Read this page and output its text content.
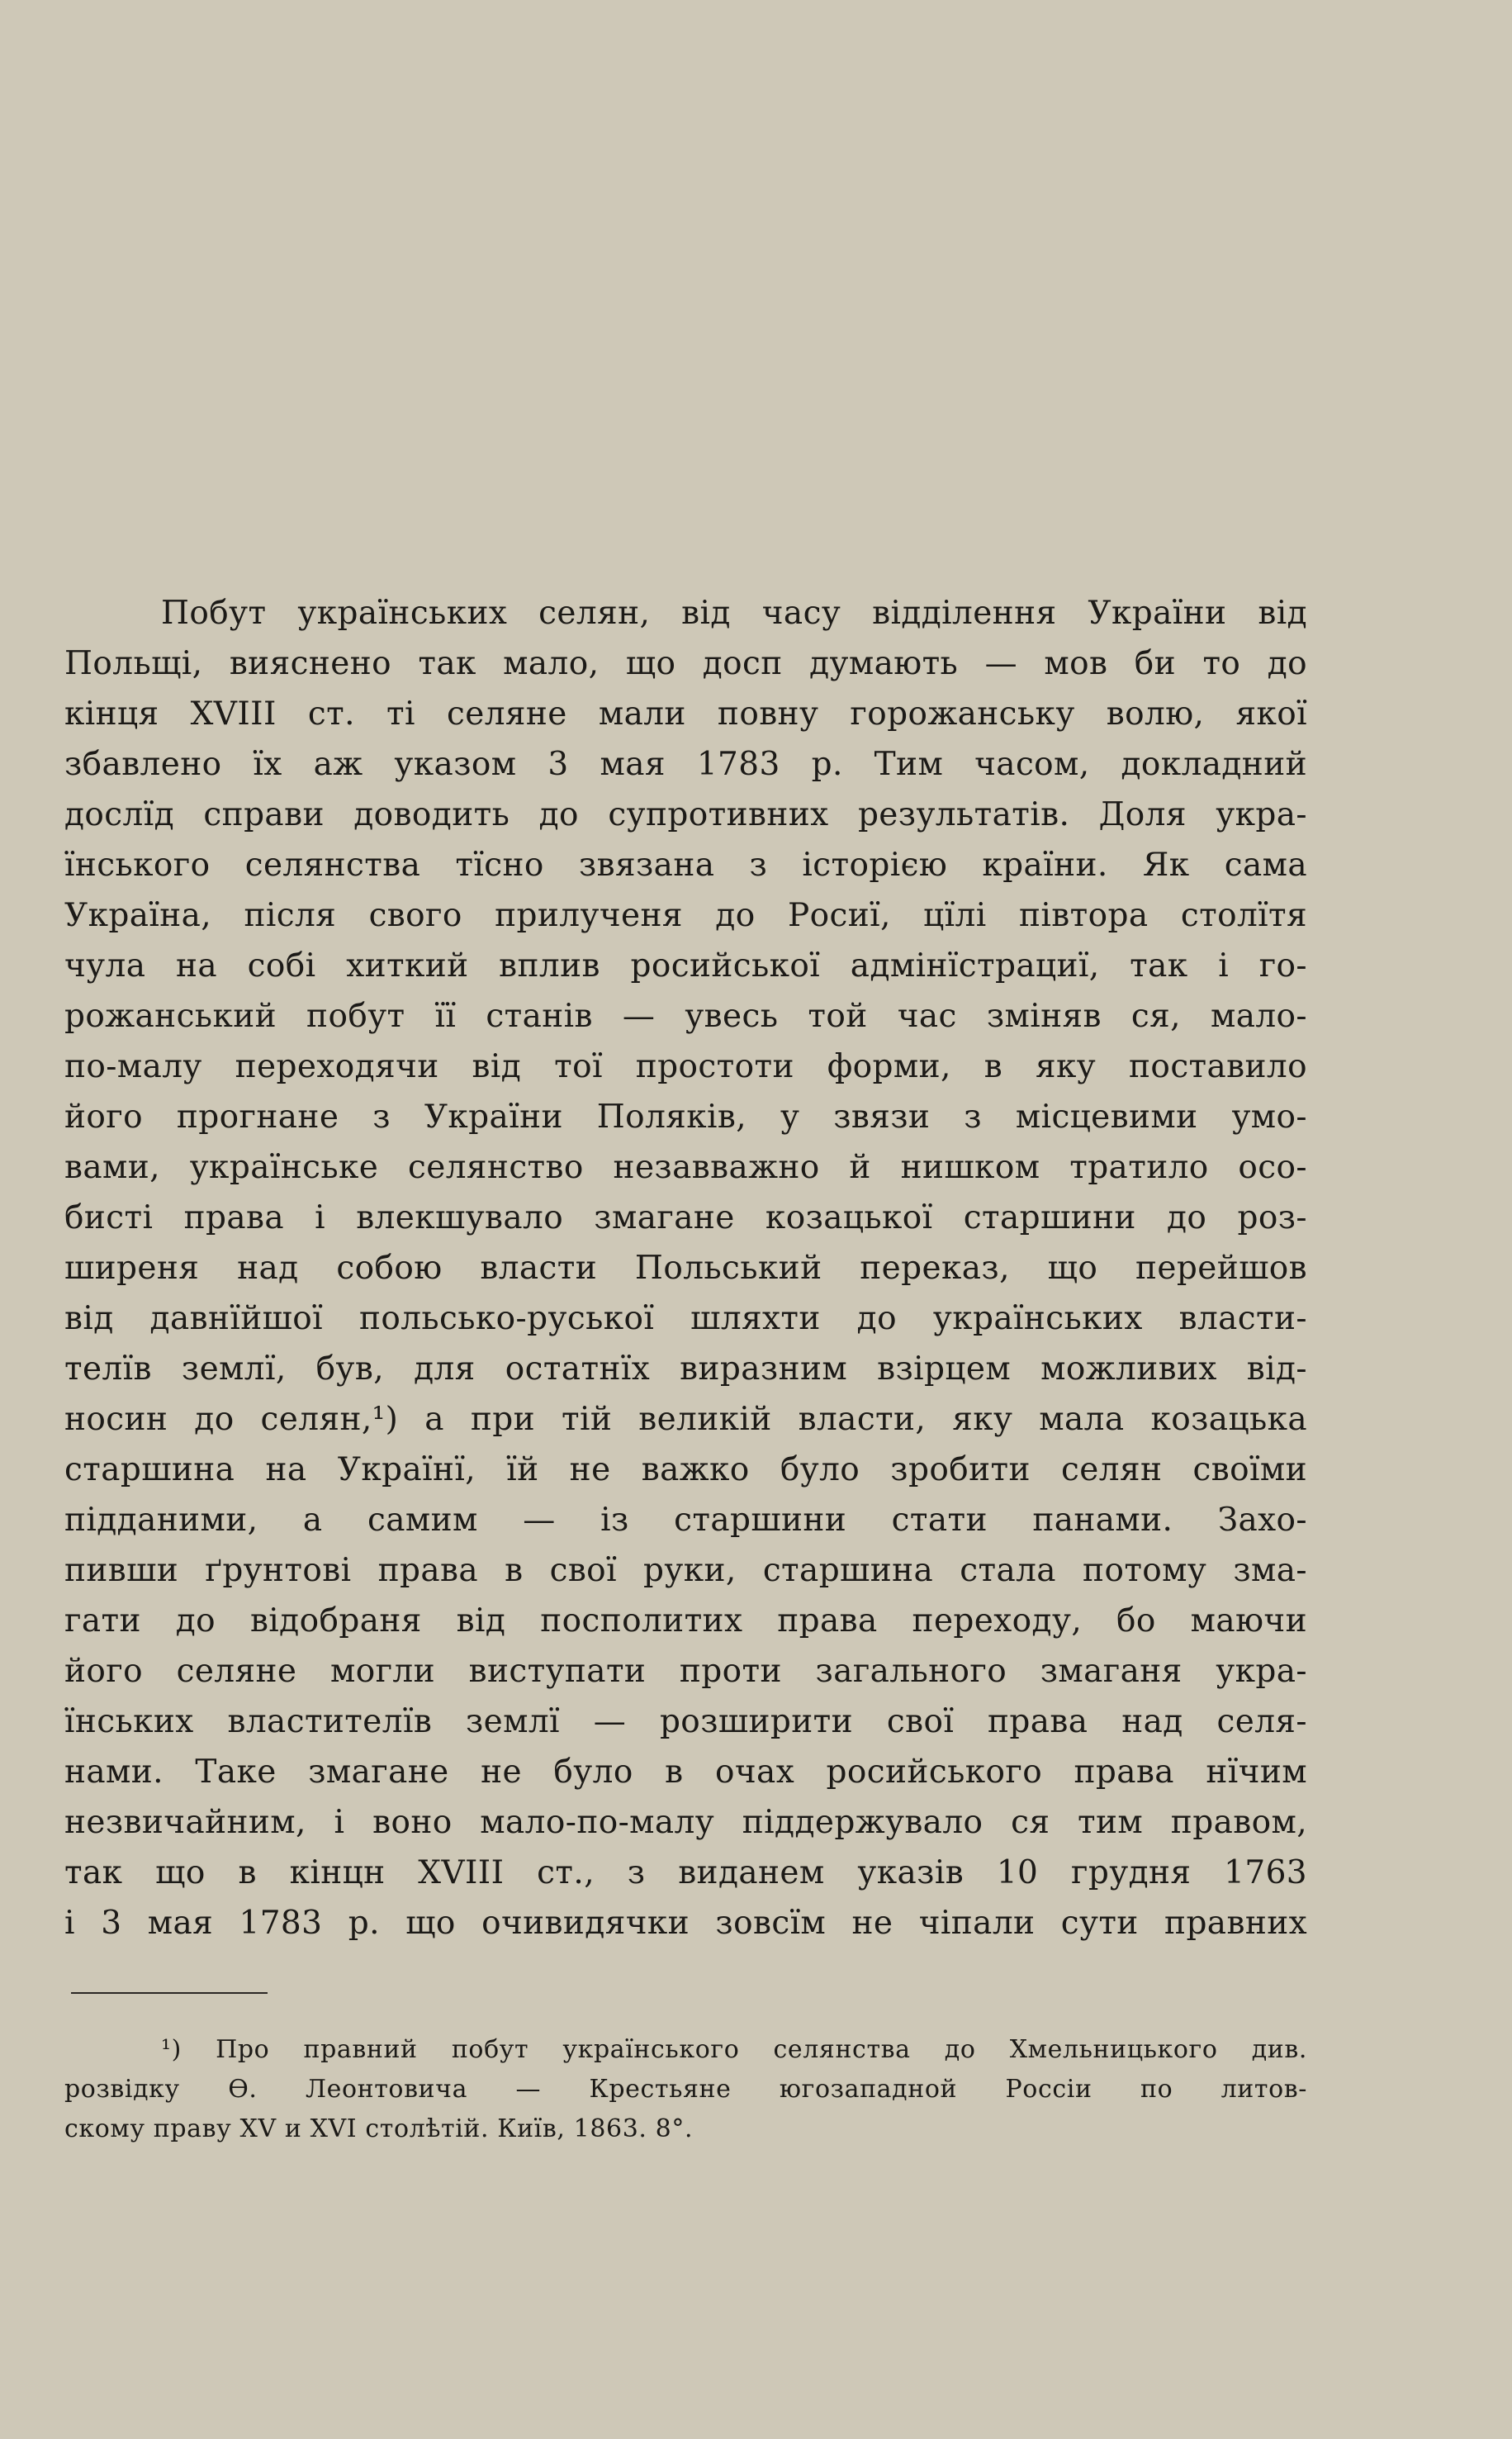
Побут українських селян, від часу відділення України від
Польщі, вияснено так мало, що досп думають — мов би то до
кінця XVIII ст. ті селяне мали повну горожанську волю, якої
збавлено їх аж указом 3 мая 1783 р. Тим часом, докладний
дослїд справи доводить до супротивних результатів. Доля укра-
їнського селянства тїсно звязана з історією країни. Як сама
Україна, після свого прилученя до Росиї, цїлі півтора столїтя
чула на собі хиткий вплив росийської адмінїстрациї, так і го-
рожанський побут її станів — увесь той час зміняв ся, мало-
по-малу переходячи від тої простоти форми, в яку поставило
його прогнане з України Поляків, у звязи з місцевими умо-
вами, українське селянство незавважно й нишком тратило осо-
бисті права і влекшувало змагане козацької старшини до роз-
ширеня над собою власти Польський переказ, що перейшов
від давнїйшої польсько-руської шляхти до українських власти-
телїв землї, був, для остатнїх виразним взірцем можливих від-
носин до селян,¹) а при тій великій власти, яку мала козацька
старшина на Українї, їй не важко було зробити селян своїми
підданими, а самим — із старшини стати панами. Захо-
пивши ґрунтові права в свої руки, старшина стала потому зма-
гати до відобраня від посполитих права переходу, бо маючи
його селяне могли виступати проти загального змаганя укра-
їнських властителїв землї — розширити свої права над селя-
нами. Таке змагане не було в очах росийського права нїчим
незвичайним, і воно мало-по-малу піддержувало ся тим правом,
так що в кінцн XVIII ст., з виданем указів 10 грудня 1763
і 3 мая 1783 р. що очивидячки зовсїм не чіпали сути правних
¹) Про правний побут українського селянства до Хмельницького див.
розвідку Ѳ. Леонтовича — Крестьяне югозападной Россіи по литов-
скому праву XV и XVI столѣтій. Київ, 1863. 8°.
